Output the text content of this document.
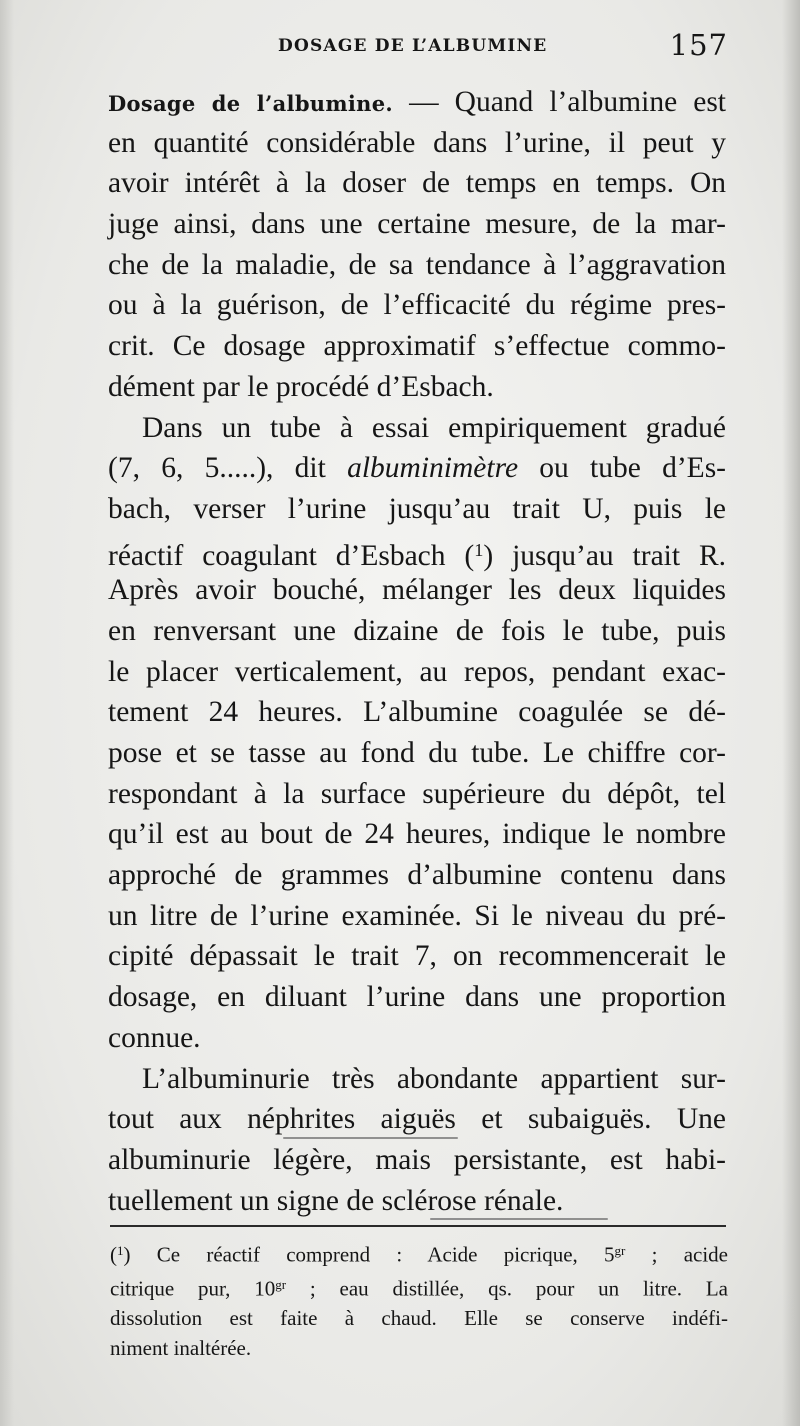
DOSAGE DE L’ALBUMINE	157
Dosage de l’albumine. — Quand l’albumine est
en quantité considérable dans l’urine, il peut y
avoir intérêt à la doser de temps en temps. On
juge ainsi, dans une certaine mesure, de la mar-
che de la maladie, de sa tendance à l’aggravation
ou à la guérison, de l’efficacité du régime pres-
crit. Ce dosage approximatif s’effectue commo-
dément par le procédé d’Esbach.
Dans un tube à essai empiriquement gradué
(7, 6, 5.....), dit albuminimètre ou tube d’Es-
bach, verser l’urine jusqu’au trait U, puis le
réactif coagulant d’Esbach ($^1$) jusqu’au trait R.
Après avoir bouché, mélanger les deux liquides
en renversant une dizaine de fois le tube, puis
le placer verticalement, au repos, pendant exac-
tement 24 heures. L’albumine coagulée se dé-
pose et se tasse au fond du tube. Le chiffre cor-
respondant à la surface supérieure du dépôt, tel
qu’il est au bout de 24 heures, indique le nombre
approché de grammes d’albumine contenu dans
un litre de l’urine examinée. Si le niveau du pré-
cipité dépassait le trait 7, on recommencerait le
dosage, en diluant l’urine dans une proportion
connue.
L’albuminurie très abondante appartient sur-
tout aux néphrites aiguës et subaiguës. Une
albuminurie légère, mais persistante, est habi-
tuellement un signe de sclérose rénale.
($^1$) Ce réactif comprend : Acide picrique, $5^{gr}$ ; acide
citrique pur, $10^{gr}$ ; eau distillée, qs. pour un litre. La
dissolution est faite à chaud. Elle se conserve indéfi-
niment inaltérée.
